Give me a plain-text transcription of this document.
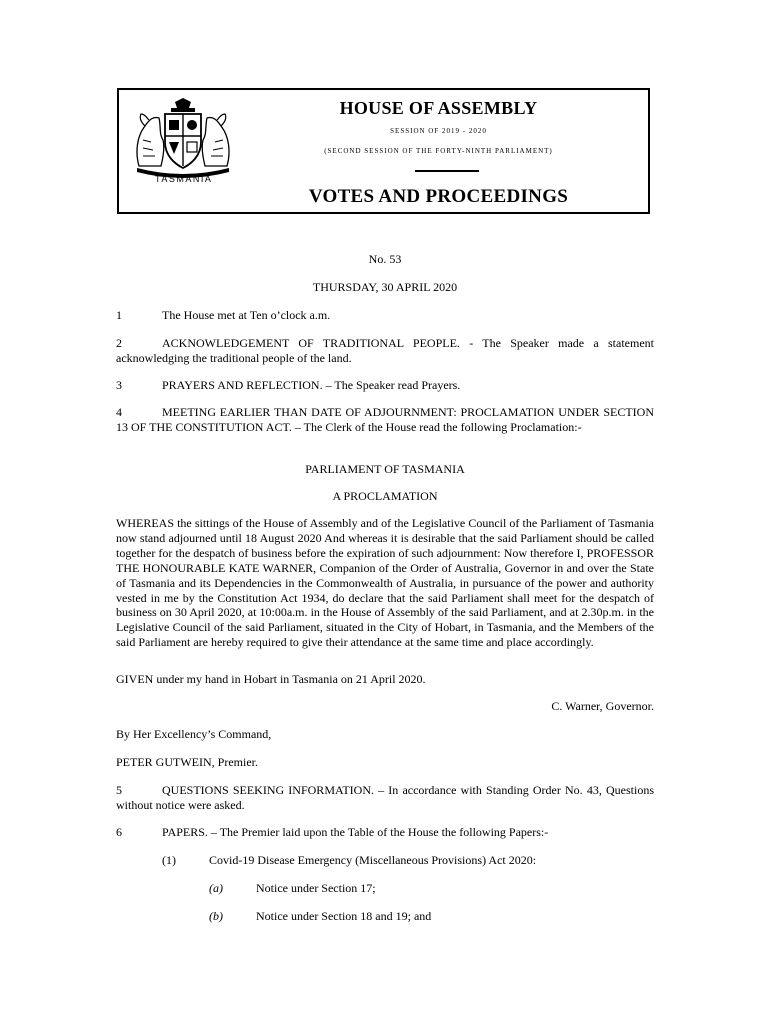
TASMANIA
HOUSE OF ASSEMBLY
SESSION OF 2019 - 2020
(SECOND SESSION OF THE FORTY-NINTH PARLIAMENT)
VOTES AND PROCEEDINGS
No. 53
THURSDAY, 30 APRIL 2020
1	The House met at Ten o’clock a.m.
2	ACKNOWLEDGEMENT OF TRADITIONAL PEOPLE. - The Speaker made a statement acknowledging the traditional people of the land.
3	PRAYERS AND REFLECTION. – The Speaker read Prayers.
4	MEETING EARLIER THAN DATE OF ADJOURNMENT: PROCLAMATION UNDER SECTION 13 OF THE CONSTITUTION ACT. – The Clerk of the House read the following Proclamation:-
PARLIAMENT OF TASMANIA
A PROCLAMATION
WHEREAS the sittings of the House of Assembly and of the Legislative Council of the Parliament of Tasmania now stand adjourned until 18 August 2020 And whereas it is desirable that the said Parliament should be called together for the despatch of business before the expiration of such adjournment: Now therefore I, PROFESSOR THE HONOURABLE KATE WARNER, Companion of the Order of Australia, Governor in and over the State of Tasmania and its Dependencies in the Commonwealth of Australia, in pursuance of the power and authority vested in me by the Constitution Act 1934, do declare that the said Parliament shall meet for the despatch of business on 30 April 2020, at 10:00a.m. in the House of Assembly of the said Parliament, and at 2.30p.m. in the Legislative Council of the said Parliament, situated in the City of Hobart, in Tasmania, and the Members of the said Parliament are hereby required to give their attendance at the same time and place accordingly.
GIVEN under my hand in Hobart in Tasmania on 21 April 2020.
C. Warner, Governor.
By Her Excellency’s Command,
PETER GUTWEIN, Premier.
5	QUESTIONS SEEKING INFORMATION. – In accordance with Standing Order No. 43, Questions without notice were asked.
6	PAPERS. – The Premier laid upon the Table of the House the following Papers:-
(1)	Covid-19 Disease Emergency (Miscellaneous Provisions) Act 2020:
(a)	Notice under Section 17;
(b)	Notice under Section 18 and 19; and
